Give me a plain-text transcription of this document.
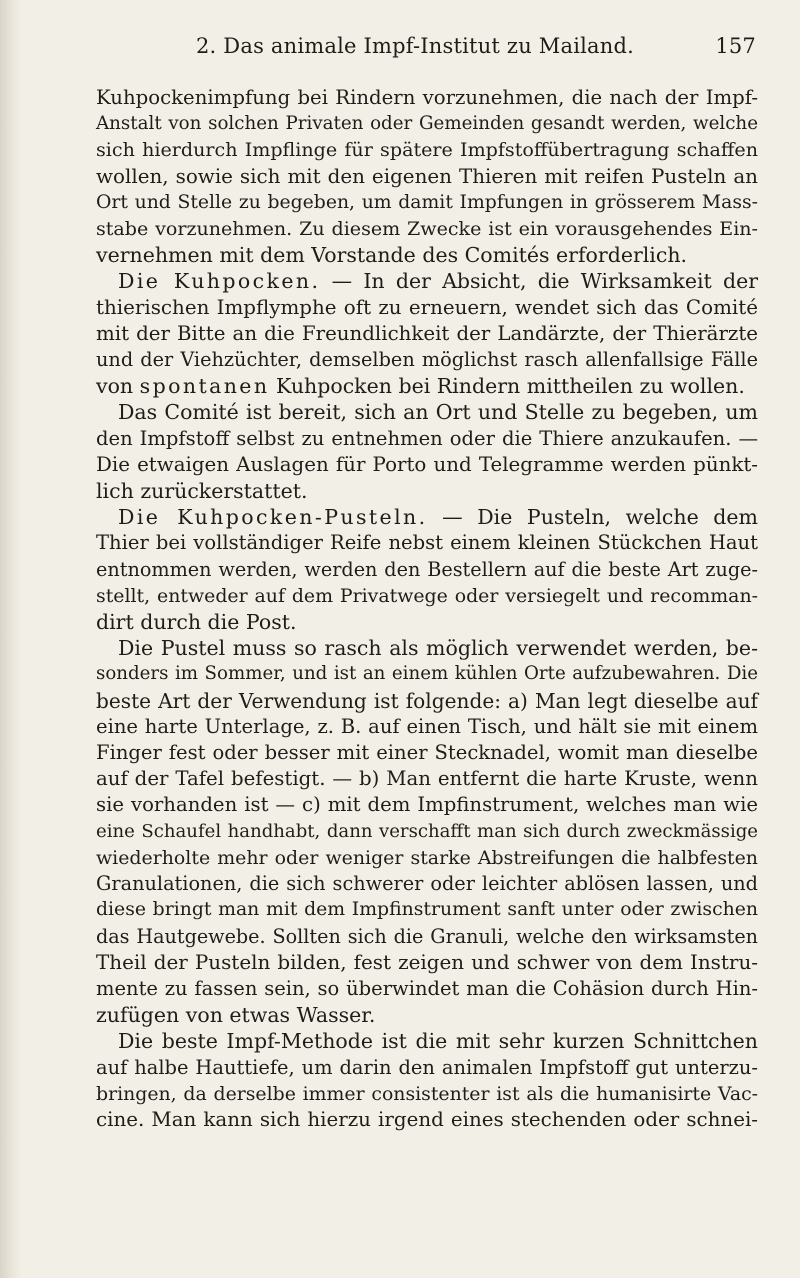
2. Das animale Impf-Institut zu Mailand.	157
Kuhpockenimpfung bei Rindern vorzunehmen, die nach der Impf-
Anstalt von solchen Privaten oder Gemeinden gesandt werden, welche
sich hierdurch Impflinge für spätere Impfstoffübertragung schaffen
wollen, sowie sich mit den eigenen Thieren mit reifen Pusteln an
Ort und Stelle zu begeben, um damit Impfungen in grösserem Mass-
stabe vorzunehmen. Zu diesem Zwecke ist ein vorausgehendes Ein-
vernehmen mit dem Vorstande des Comités erforderlich.
Die Kuhpocken. — In der Absicht, die Wirksamkeit der
thierischen Impflymphe oft zu erneuern, wendet sich das Comité
mit der Bitte an die Freundlichkeit der Landärzte, der Thierärzte
und der Viehzüchter, demselben möglichst rasch allenfallsige Fälle
von spontanen Kuhpocken bei Rindern mittheilen zu wollen.
Das Comité ist bereit, sich an Ort und Stelle zu begeben, um
den Impfstoff selbst zu entnehmen oder die Thiere anzukaufen. —
Die etwaigen Auslagen für Porto und Telegramme werden pünkt-
lich zurückerstattet.
Die Kuhpocken-Pusteln. — Die Pusteln, welche dem
Thier bei vollständiger Reife nebst einem kleinen Stückchen Haut
entnommen werden, werden den Bestellern auf die beste Art zuge-
stellt, entweder auf dem Privatwege oder versiegelt und recomman-
dirt durch die Post.
Die Pustel muss so rasch als möglich verwendet werden, be-
sonders im Sommer, und ist an einem kühlen Orte aufzubewahren. Die
beste Art der Verwendung ist folgende: a) Man legt dieselbe auf
eine harte Unterlage, z. B. auf einen Tisch, und hält sie mit einem
Finger fest oder besser mit einer Stecknadel, womit man dieselbe
auf der Tafel befestigt. — b) Man entfernt die harte Kruste, wenn
sie vorhanden ist — c) mit dem Impfinstrument, welches man wie
eine Schaufel handhabt, dann verschafft man sich durch zweckmässige
wiederholte mehr oder weniger starke Abstreifungen die halbfesten
Granulationen, die sich schwerer oder leichter ablösen lassen, und
diese bringt man mit dem Impfinstrument sanft unter oder zwischen
das Hautgewebe. Sollten sich die Granuli, welche den wirksamsten
Theil der Pusteln bilden, fest zeigen und schwer von dem Instru-
mente zu fassen sein, so überwindet man die Cohäsion durch Hin-
zufügen von etwas Wasser.
Die beste Impf-Methode ist die mit sehr kurzen Schnittchen
auf halbe Hauttiefe, um darin den animalen Impfstoff gut unterzu-
bringen, da derselbe immer consistenter ist als die humanisirte Vac-
cine. Man kann sich hierzu irgend eines stechenden oder schnei-
